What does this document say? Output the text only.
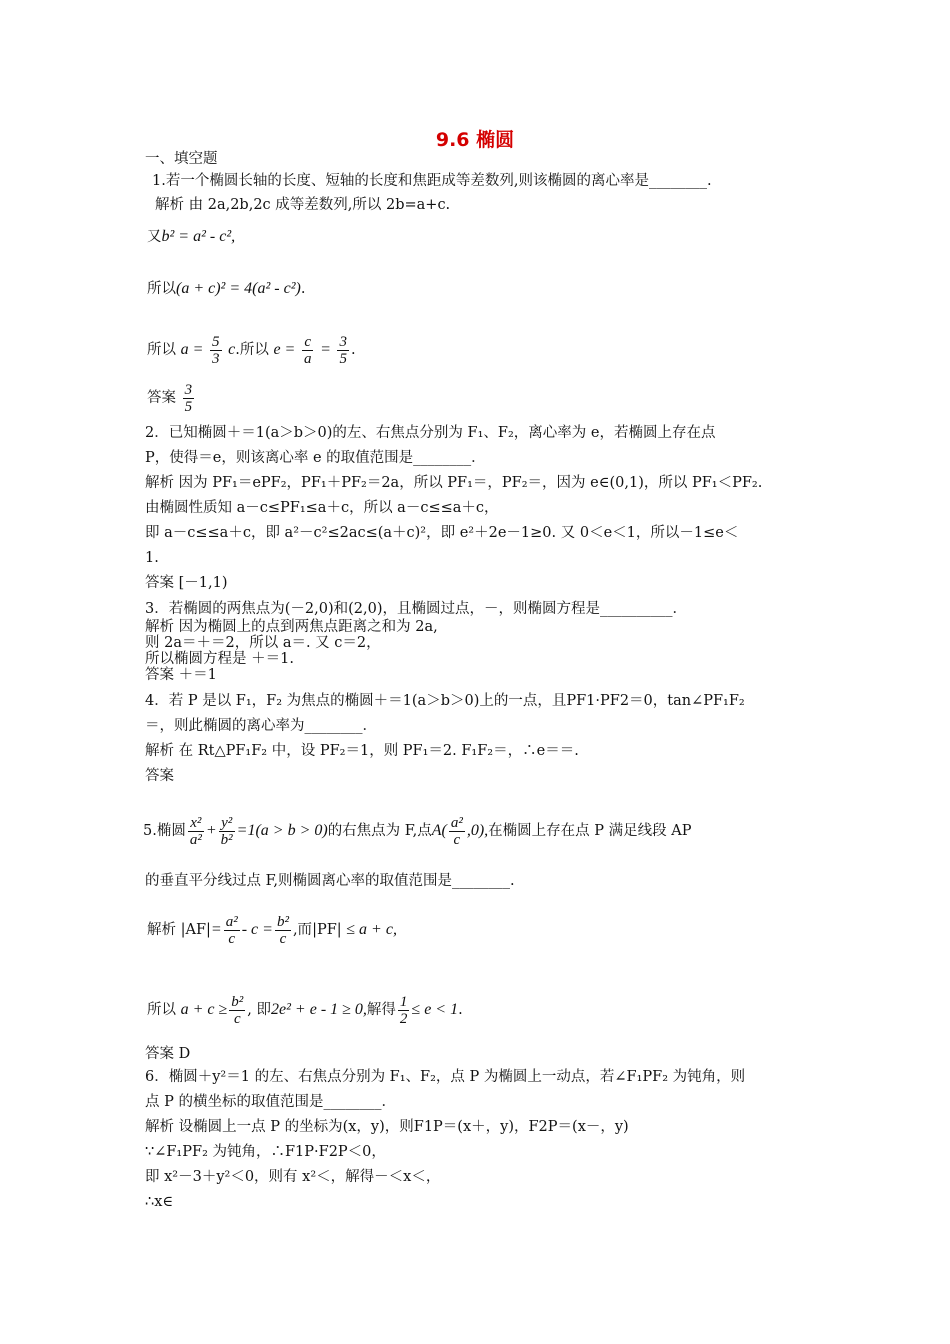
9.6 椭圆
一、填空题
1.若一个椭圆长轴的长度、短轴的长度和焦距成等差数列,则该椭圆的离心率是________.
解析 由 2a,2b,2c 成等差数列,所以 2b=a+c.
又b² = a² - c²,
所以(a + c)² = 4(a² - c²).
所以 $a = \frac{5}{3} c$.所以 $e = \frac{c}{a} = \frac{3}{5}$ .
答案 $\frac{3}{5}$
2．已知椭圆＋＝1(a＞b＞0)的左、右焦点分别为 F₁、F₂，离心率为 e，若椭圆上存在点
P，使得＝e，则该离心率 e 的取值范围是________．
解析 因为 PF₁＝ePF₂，PF₁＋PF₂＝2a，所以 PF₁＝，PF₂＝，因为 e∈(0,1)，所以 PF₁＜PF₂.
由椭圆性质知 a－c≤PF₁≤a＋c，所以 a－c≤≤a＋c，
即 a－c≤≤a＋c，即 a²－c²≤2ac≤(a＋c)²，即 e²＋2e－1≥0. 又 0＜e＜1，所以－1≤e＜
1.
答案 [－1,1)
3．若椭圆的两焦点为(－2,0)和(2,0)，且椭圆过点，－，则椭圆方程是__________．
解析 因为椭圆上的点到两焦点距离之和为 2a,
则 2a＝＋＝2，所以 a＝. 又 c＝2，
所以椭圆方程是 ＋＝1.
答案 ＋＝1
4．若 P 是以 F₁，F₂ 为焦点的椭圆＋＝1(a＞b＞0)上的一点，且PF1·PF2＝0，tan∠PF₁F₂
＝，则此椭圆的离心率为________．
解析 在 Rt△PF₁F₂ 中，设 PF₂＝1，则 PF₁＝2. F₁F₂＝，∴e＝＝.
答案
5.椭圆 $\frac{\text{x²}}{\text{a²}} + \frac{\text{y²}}{\text{b²}} =1(a > b > 0)$的右焦点为 F,点$A( \frac{\text{a²}}{c} ,0)$,在椭圆上存在点 P 满足线段 AP
的垂直平分线过点 F,则椭圆离心率的取值范围是________.
解析 $|AF|= \frac{\text{a²}}{c} - c = \frac{\text{b²}}{c}$ ,而|PF| ≤ a + c,
所以 $a + c \ge \frac{\text{b²}}{c}$ , 即2e² + e - 1 ≥ 0,解得 $\frac{1}{2} \le e < 1$.
答案 D
6．椭圆＋y²＝1 的左、右焦点分别为 F₁、F₂，点 P 为椭圆上一动点，若∠F₁PF₂ 为钝角，则
点 P 的横坐标的取值范围是________．
解析 设椭圆上一点 P 的坐标为(x，y)，则F1P＝(x＋，y)，F2P＝(x－，y)
∵∠F₁PF₂ 为钝角，∴F1P·F2P＜0，
即 x²－3＋y²＜0，则有 x²＜，解得－＜x＜，
∴x∈
